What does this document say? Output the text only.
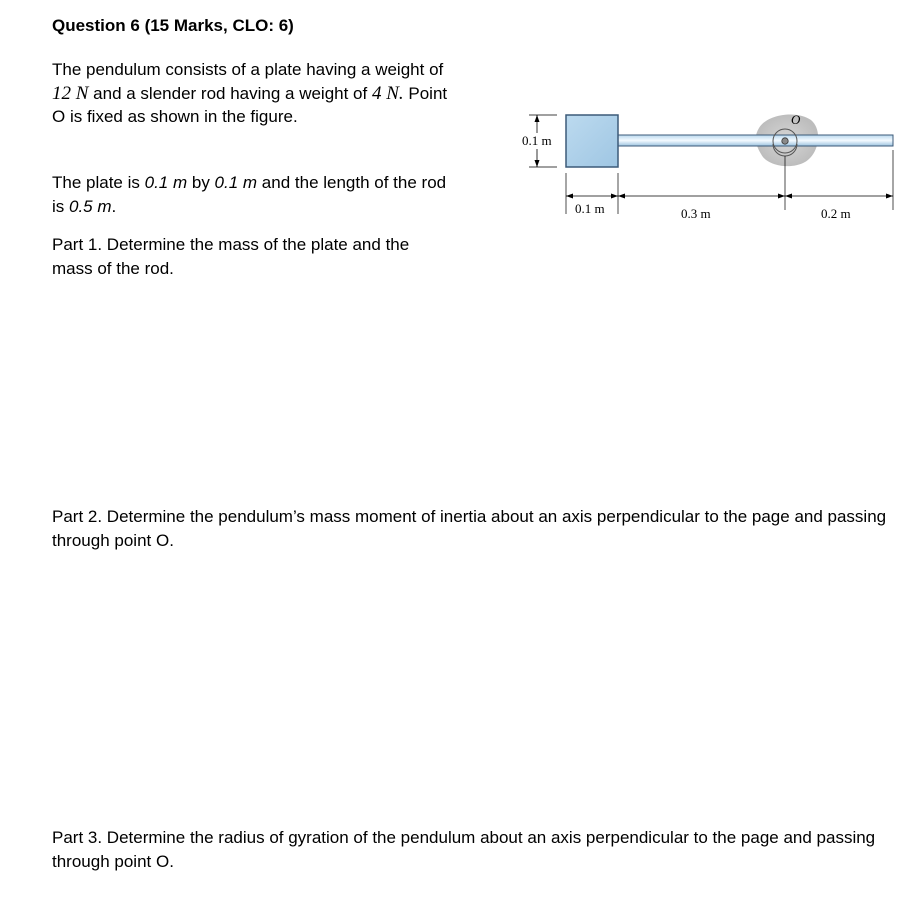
Question 6 (15 Marks, CLO: 6)
The pendulum consists of a plate having a weight of 12 N and a slender rod having a weight of 4 N. Point O is fixed as shown in the figure.
The plate is 0.1 m by 0.1 m and the length of the rod is 0.5 m.
Part 1. Determine the mass of the plate and the mass of the rod.
Part 2. Determine the pendulum’s mass moment of inertia about an axis perpendicular to the page and passing through point O.
Part 3. Determine the radius of gyration of the pendulum about an axis perpendicular to the page and passing through point O.
0.1 m
O
0.1 m	0.3 m	0.2 m
